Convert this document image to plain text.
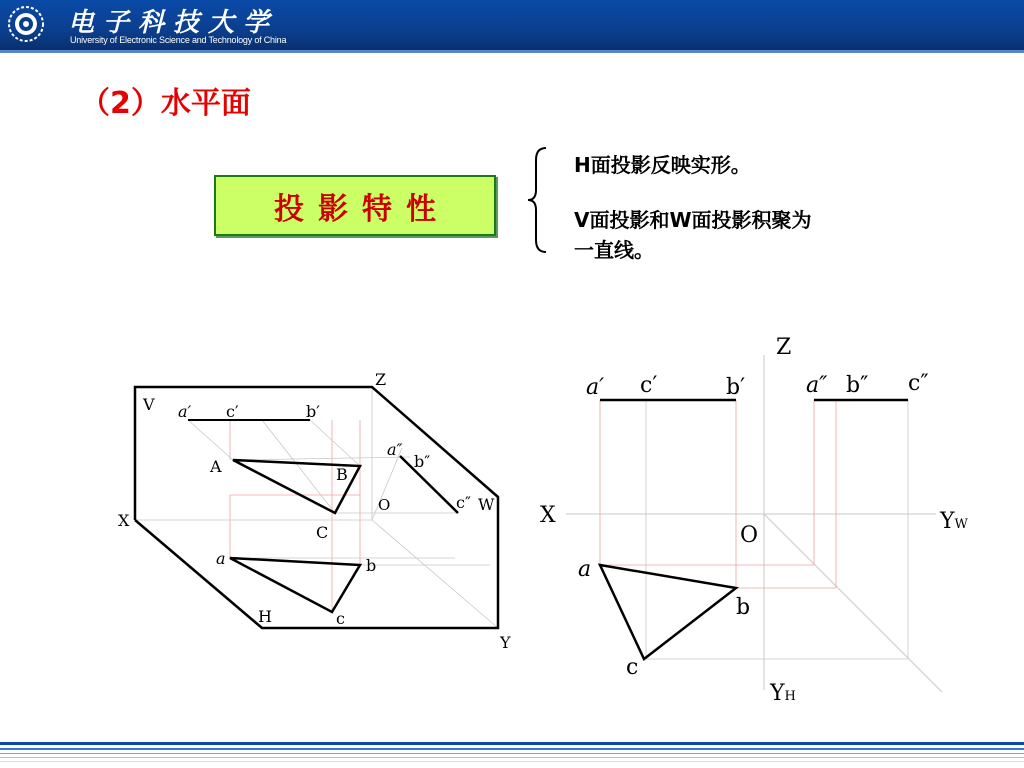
电子科技大学
University of Electronic Science and Technology of China
（2）水平面
投影特性
H面投影反映实形。
V面投影和W面投影积聚为一直线。
V
Z
X
H
Y
W
O
a′ c′	b′
a″
b″
c″
A	B
C
a	b
c
Z
X
O
YW
YH
a′ c′	b′	a″ b″ c″
a
b
c
